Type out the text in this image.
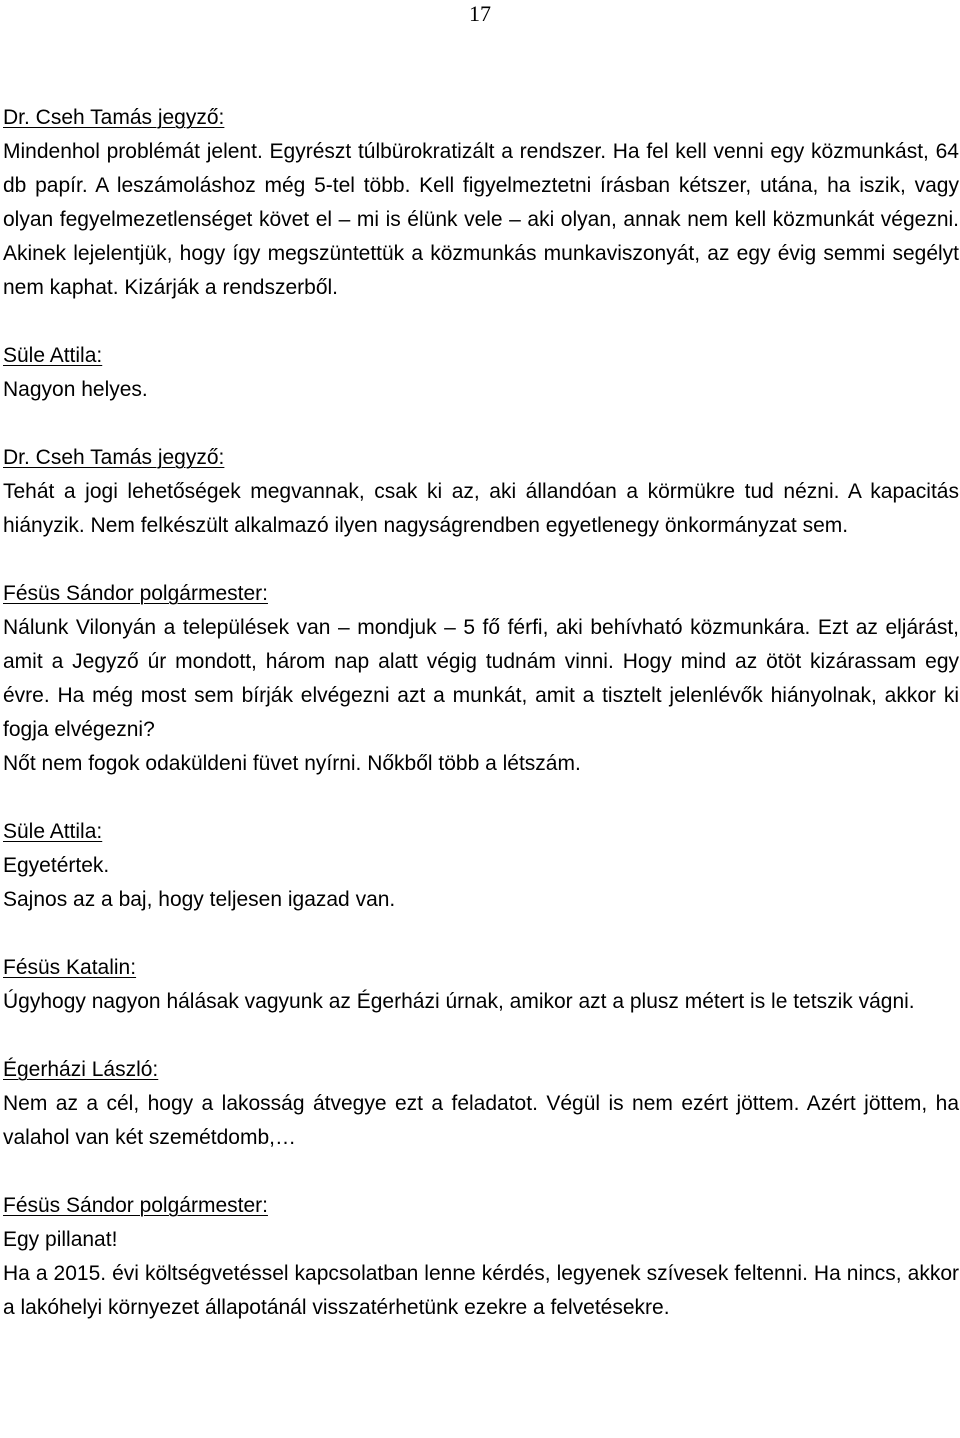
17
Dr. Cseh Tamás jegyző:
Mindenhol problémát jelent. Egyrészt túlbürokratizált a rendszer. Ha fel kell venni egy közmunkást, 64 db papír. A leszámoláshoz még 5-tel több. Kell figyelmeztetni írásban kétszer, utána, ha iszik, vagy olyan fegyelmezetlenséget követ el – mi is élünk vele – aki olyan, annak nem kell közmunkát végezni. Akinek lejelentjük, hogy így megszüntettük a közmunkás munkaviszonyát, az egy évig semmi segélyt nem kaphat. Kizárják a rendszerből.
Süle Attila:
Nagyon helyes.
Dr. Cseh Tamás jegyző:
Tehát a jogi lehetőségek megvannak, csak ki az, aki állandóan a körmükre tud nézni. A kapacitás hiányzik. Nem felkészült alkalmazó ilyen nagyságrendben egyetlenegy önkormányzat sem.
Fésüs Sándor polgármester:
Nálunk Vilonyán a települések van – mondjuk – 5 fő férfi, aki behívható közmunkára. Ezt az eljárást, amit a Jegyző úr mondott, három nap alatt végig tudnám vinni. Hogy mind az ötöt kizárassam egy évre. Ha még most sem bírják elvégezni azt a munkát, amit a tisztelt jelenlévők hiányolnak, akkor ki fogja elvégezni?
Nőt nem fogok odaküldeni füvet nyírni. Nőkből több a létszám.
Süle Attila:
Egyetértek.
Sajnos az a baj, hogy teljesen igazad van.
Fésüs Katalin:
Úgyhogy nagyon hálásak vagyunk az Égerházi úrnak, amikor azt a plusz métert is le tetszik vágni.
Égerházi László:
Nem az a cél, hogy a lakosság átvegye ezt a feladatot. Végül is nem ezért jöttem. Azért jöttem, ha valahol van két szemétdomb,…
Fésüs Sándor polgármester:
Egy pillanat!
Ha a 2015. évi költségvetéssel kapcsolatban lenne kérdés, legyenek szívesek feltenni. Ha nincs, akkor a lakóhelyi környezet állapotánál visszatérhetünk ezekre a felvetésekre.
